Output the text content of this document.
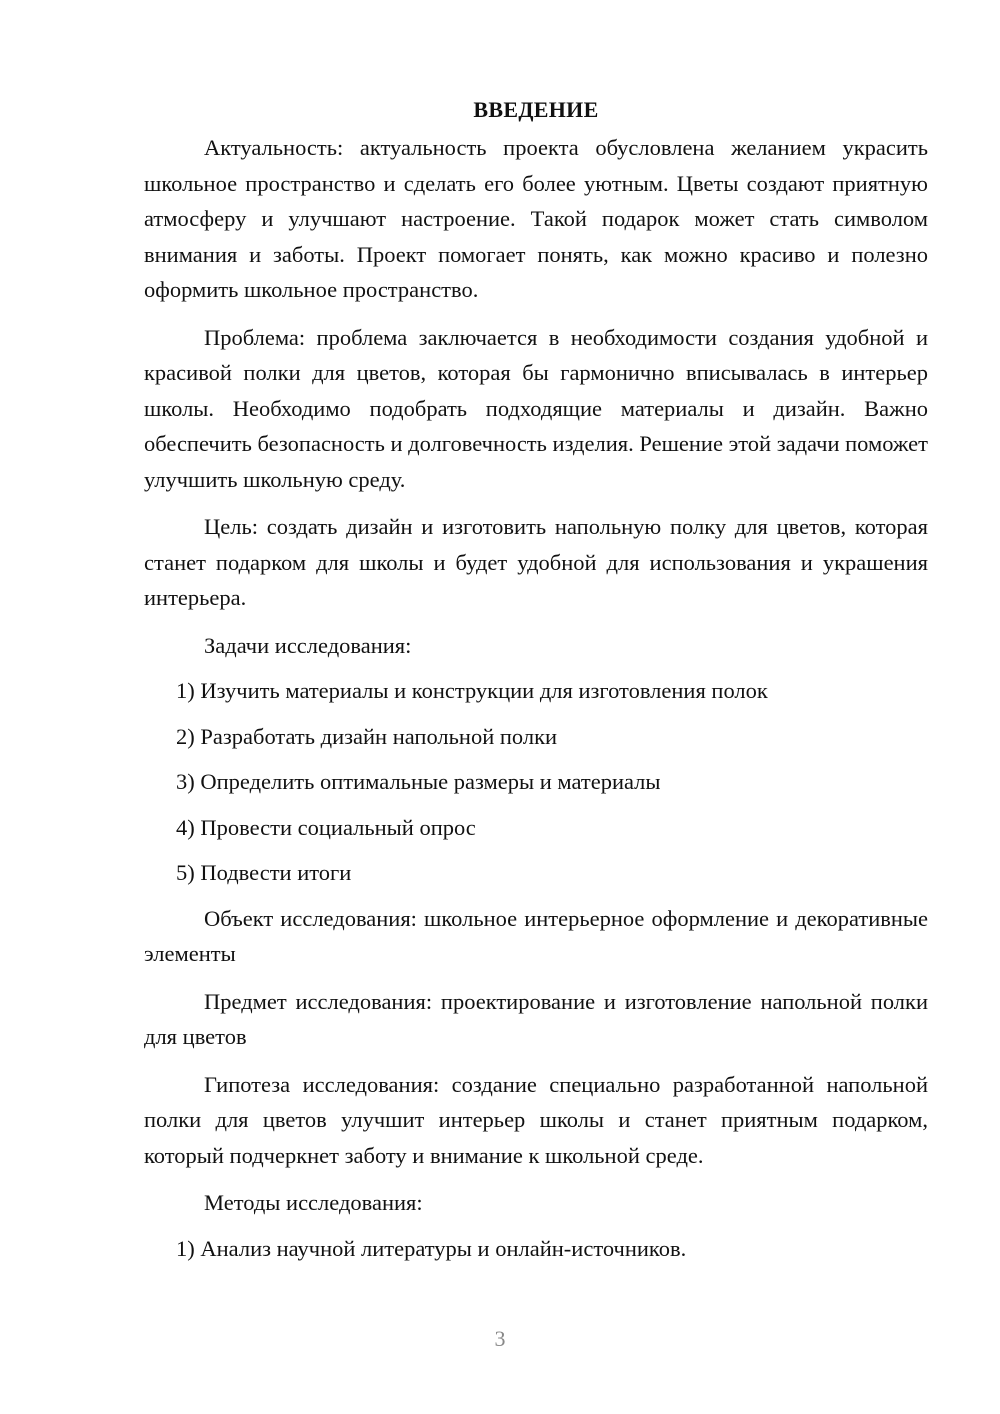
ВВЕДЕНИЕ

Актуальность: актуальность проекта обусловлена желанием украсить школьное пространство и сделать его более уютным. Цветы создают приятную атмосферу и улучшают настроение. Такой подарок может стать символом внимания и заботы. Проект помогает понять, как можно красиво и полезно оформить школьное пространство.

Проблема: проблема заключается в необходимости создания удобной и красивой полки для цветов, которая бы гармонично вписывалась в интерьер школы. Необходимо подобрать подходящие материалы и дизайн. Важно обеспечить безопасность и долговечность изделия. Решение этой задачи поможет улучшить школьную среду.

Цель: создать дизайн и изготовить напольную полку для цветов, которая станет подарком для школы и будет удобной для использования и украшения интерьера.

Задачи исследования:

1) Изучить материалы и конструкции для изготовления полок
2) Разработать дизайн напольной полки
3) Определить оптимальные размеры и материалы
4) Провести социальный опрос
5) Подвести итоги

Объект исследования: школьное интерьерное оформление и декоративные элементы

Предмет исследования: проектирование и изготовление напольной полки для цветов

Гипотеза исследования: создание специально разработанной напольной полки для цветов улучшит интерьер школы и станет приятным подарком, который подчеркнет заботу и внимание к школьной среде.

Методы исследования:

1) Анализ научной литературы и онлайн-источников.
3
